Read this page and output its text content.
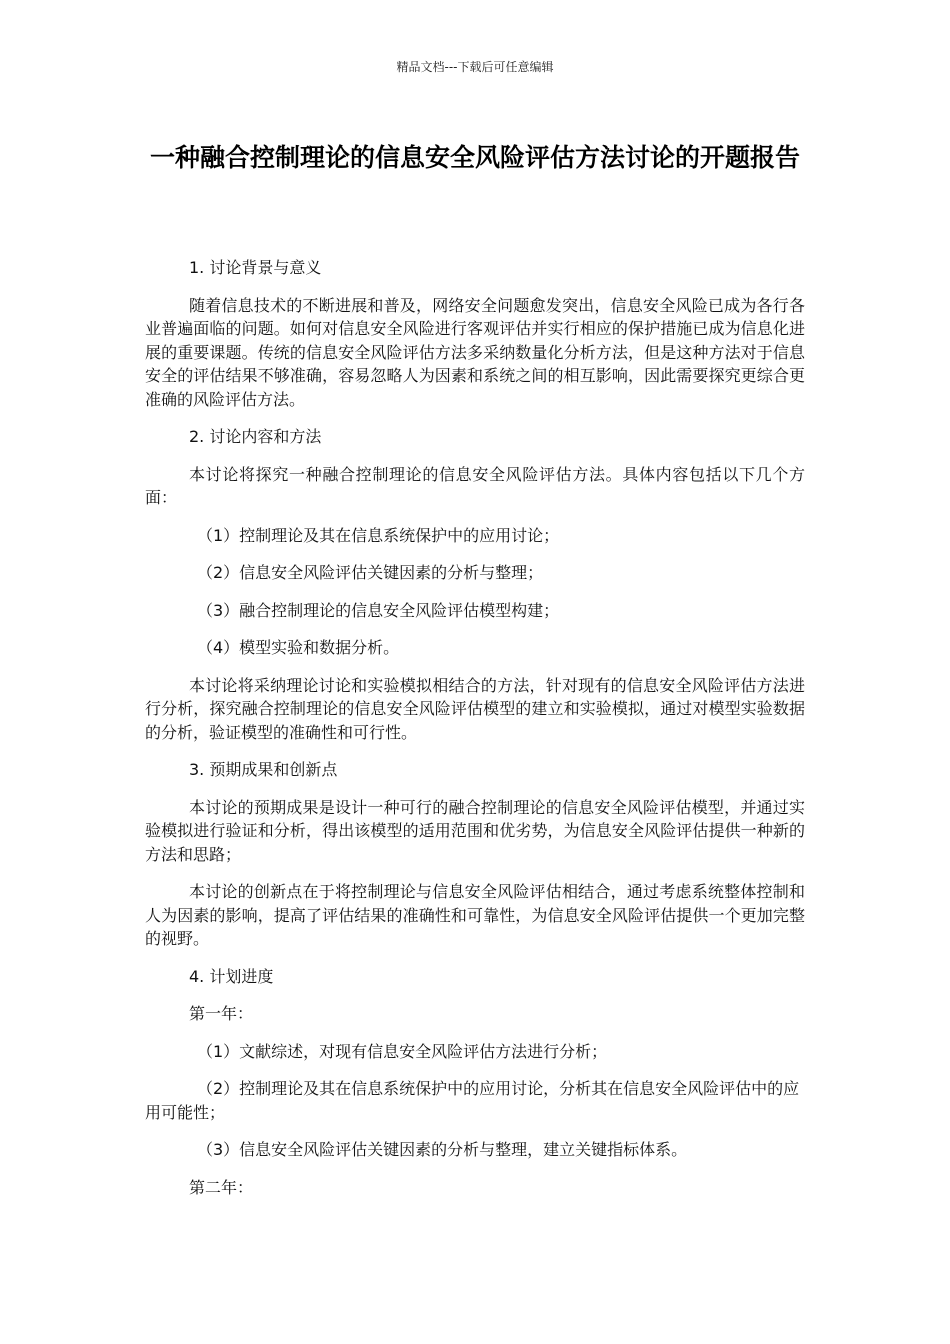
精品文档---下载后可任意编辑
一种融合控制理论的信息安全风险评估方法讨论的开题报告

1. 讨论背景与意义

随着信息技术的不断进展和普及，网络安全问题愈发突出，信息安全风险已成为各行各业普遍面临的问题。如何对信息安全风险进行客观评估并实行相应的保护措施已成为信息化进展的重要课题。传统的信息安全风险评估方法多采纳数量化分析方法，但是这种方法对于信息安全的评估结果不够准确，容易忽略人为因素和系统之间的相互影响，因此需要探究更综合更准确的风险评估方法。

2. 讨论内容和方法

本讨论将探究一种融合控制理论的信息安全风险评估方法。具体内容包括以下几个方面：

（1）控制理论及其在信息系统保护中的应用讨论；

（2）信息安全风险评估关键因素的分析与整理；

（3）融合控制理论的信息安全风险评估模型构建；

（4）模型实验和数据分析。

本讨论将采纳理论讨论和实验模拟相结合的方法，针对现有的信息安全风险评估方法进行分析，探究融合控制理论的信息安全风险评估模型的建立和实验模拟，通过对模型实验数据的分析，验证模型的准确性和可行性。

3. 预期成果和创新点

本讨论的预期成果是设计一种可行的融合控制理论的信息安全风险评估模型，并通过实验模拟进行验证和分析，得出该模型的适用范围和优劣势，为信息安全风险评估提供一种新的方法和思路；

本讨论的创新点在于将控制理论与信息安全风险评估相结合，通过考虑系统整体控制和人为因素的影响，提高了评估结果的准确性和可靠性，为信息安全风险评估提供一个更加完整的视野。

4. 计划进度

第一年：

（1）文献综述，对现有信息安全风险评估方法进行分析；

（2）控制理论及其在信息系统保护中的应用讨论，分析其在信息安全风险评估中的应用可能性；

（3）信息安全风险评估关键因素的分析与整理，建立关键指标体系。

第二年：
